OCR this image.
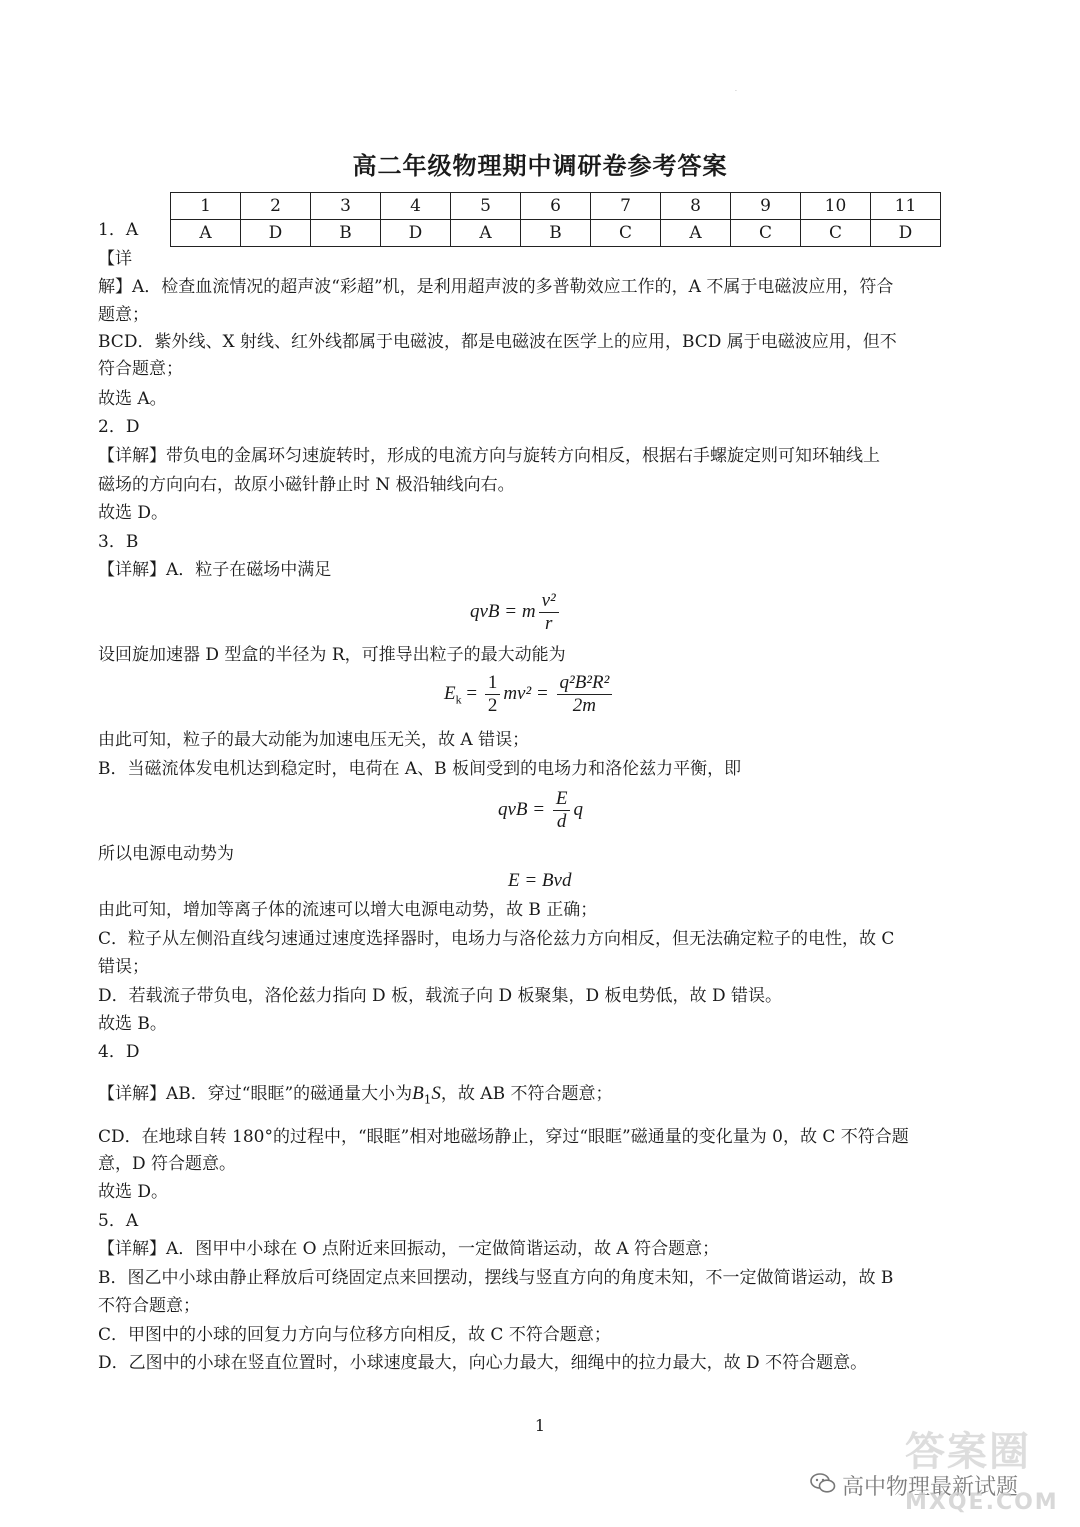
.
高二年级物理期中调研卷参考答案
1	2	3	4	5	6	7	8	9	10	11
A	D	B	D	A	B	C	A	C	C	D
1．A
【详
解】A．检查血流情况的超声波“彩超”机，是利用超声波的多普勒效应工作的，A 不属于电磁波应用，符合
题意；
BCD．紫外线、X 射线、红外线都属于电磁波，都是电磁波在医学上的应用，BCD 属于电磁波应用，但不
符合题意；
故选 A。
2．D
【详解】带负电的金属环匀速旋转时，形成的电流方向与旋转方向相反，根据右手螺旋定则可知环轴线上
磁场的方向向右，故原小磁针静止时 N 极沿轴线向右。
故选 D。
3．B
【详解】A．粒子在磁场中满足
qvB = m $\frac{\text{v²}}{r}$
设回旋加速器 D 型盒的半径为 R，可推导出粒子的最大动能为
$E_k = \frac{1}{2} mv^2 = \frac{\text{q²B²R²}}{2m}$
由此可知，粒子的最大动能为加速电压无关，故 A 错误；
B．当磁流体发电机达到稳定时，电荷在 A、B 板间受到的电场力和洛伦兹力平衡，即
qvB = $\frac{E}{d}$ q
所以电源电动势为
E = Bvd
由此可知，增加等离子体的流速可以增大电源电动势，故 B 正确；
C．粒子从左侧沿直线匀速通过速度选择器时，电场力与洛伦兹力方向相反，但无法确定粒子的电性，故 C
错误；
D．若载流子带负电，洛伦兹力指向 D 板，载流子向 D 板聚集，D 板电势低，故 D 错误。
故选 B。
4．D
【详解】AB．穿过“眼眶”的磁通量大小为$B_1S$，故 AB 不符合题意；
CD．在地球自转 180°的过程中，“眼眶”相对地磁场静止，穿过“眼眶”磁通量的变化量为 0，故 C 不符合题
意，D 符合题意。
故选 D。
5．A
【详解】A．图甲中小球在 O 点附近来回振动，一定做简谐运动，故 A 符合题意；
B．图乙中小球由静止释放后可绕固定点来回摆动，摆线与竖直方向的角度未知，不一定做简谐运动，故 B
不符合题意；
C．甲图中的小球的回复力方向与位移方向相反，故 C 不符合题意；
D．乙图中的小球在竖直位置时，小球速度最大，向心力最大，细绳中的拉力最大，故 D 不符合题意。
1
答案圈
高中物理最新试题
MXQE.COM
